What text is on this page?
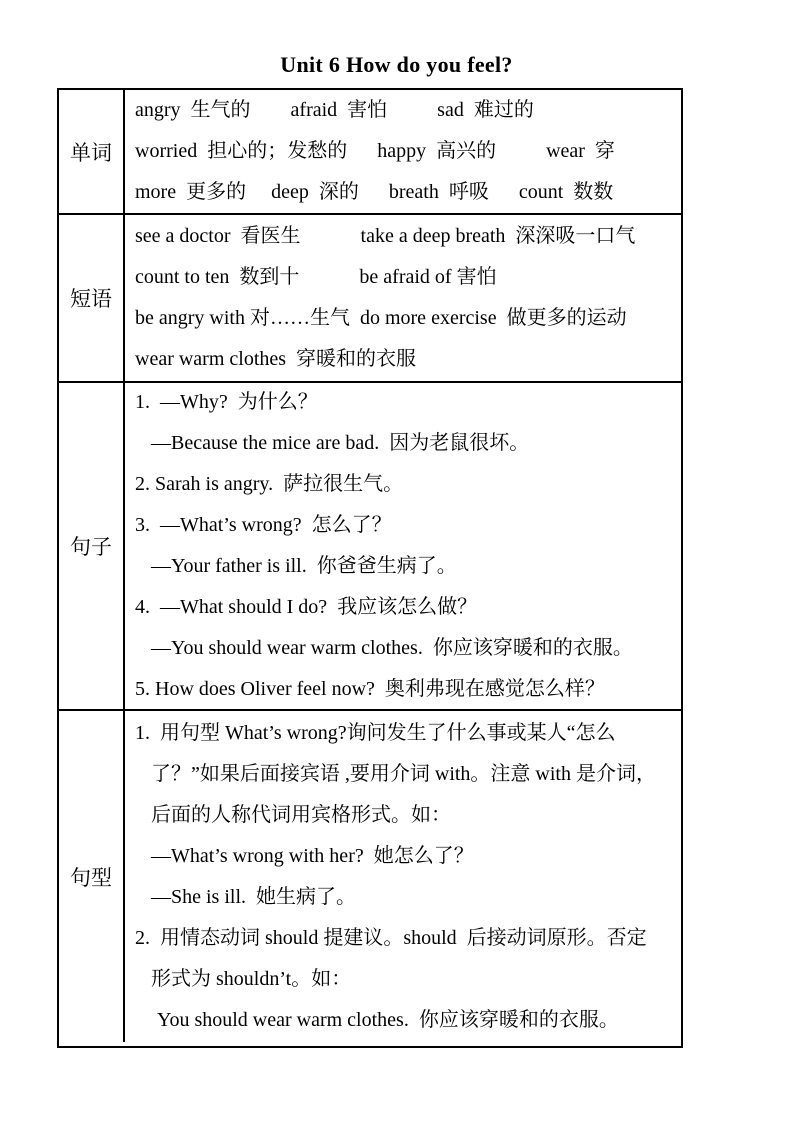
Unit 6 How do you feel?
单词
angry  生气的        afraid  害怕          sad  难过的
worried  担心的；发愁的      happy  高兴的          wear  穿
more  更多的     deep  深的      breath  呼吸      count  数数
短语
see a doctor  看医生            take a deep breath  深深吸一口气
count to ten  数到十            be afraid of 害怕
be angry with 对……生气  do more exercise  做更多的运动
wear warm clothes  穿暖和的衣服
句子
1.  —Why?  为什么？
—Because the mice are bad.  因为老鼠很坏。
2. Sarah is angry.  萨拉很生气。
3.  —What’s wrong?  怎么了？
—Your father is ill.  你爸爸生病了。
4.  —What should I do?  我应该怎么做？
—You should wear warm clothes.  你应该穿暖和的衣服。
5. How does Oliver feel now?  奥利弗现在感觉怎么样？
句型
1.  用句型 What’s wrong?询问发生了什么事或某人“怎么
了？”如果后面接宾语 ,要用介词 with。注意 with 是介词，
后面的人称代词用宾格形式。如：
—What’s wrong with her?  她怎么了？
—She is ill.  她生病了。
2.  用情态动词 should 提建议。should  后接动词原形。否定
形式为 shouldn’t。如：
You should wear warm clothes.  你应该穿暖和的衣服。
